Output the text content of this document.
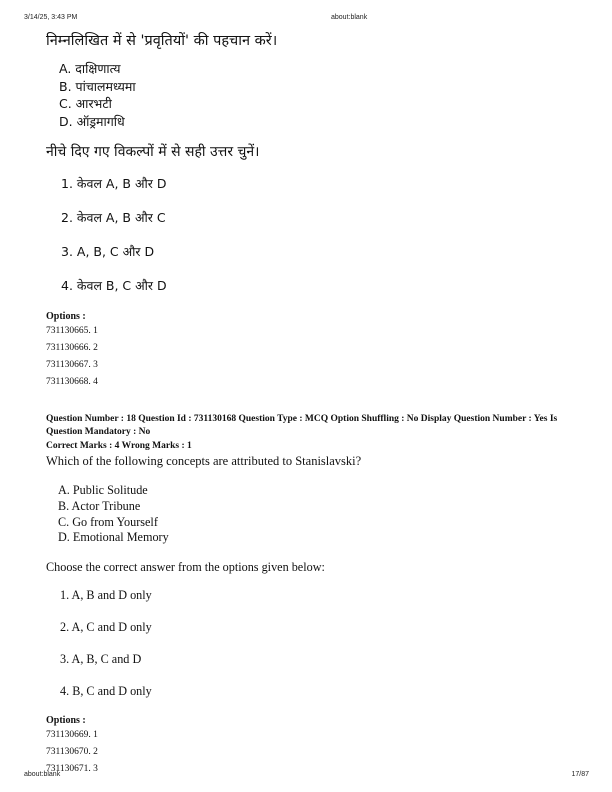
3/14/25, 3:43 PM	about:blank

निम्नलिखित में से 'प्रवृतियों' की पहचान करें।

A. दाक्षिणात्य
B. पांचालमध्यमा
C. आरभटी
D. ऑड्रमागधि

नीचे दिए गए विकल्पों में से सही उत्तर चुनें।

1. केवल A, B और D
2. केवल A, B और C
3. A, B, C और D
4. केवल B, C और D

Options :

731130665. 1
731130666. 2
731130667. 3
731130668. 4

Question Number : 18 Question Id : 731130168 Question Type : MCQ Option Shuffling : No Display Question Number : Yes Is Question Mandatory : No

Correct Marks : 4 Wrong Marks : 1

Which of the following concepts are attributed to Stanislavski?

A. Public Solitude
B. Actor Tribune
C. Go from Yourself
D. Emotional Memory

Choose the correct answer from the options given below:

1. A, B and D only
2. A, C and D only
3. A, B, C and D
4. B, C and D only

Options :

731130669. 1
731130670. 2
731130671. 3

about:blank	17/87
